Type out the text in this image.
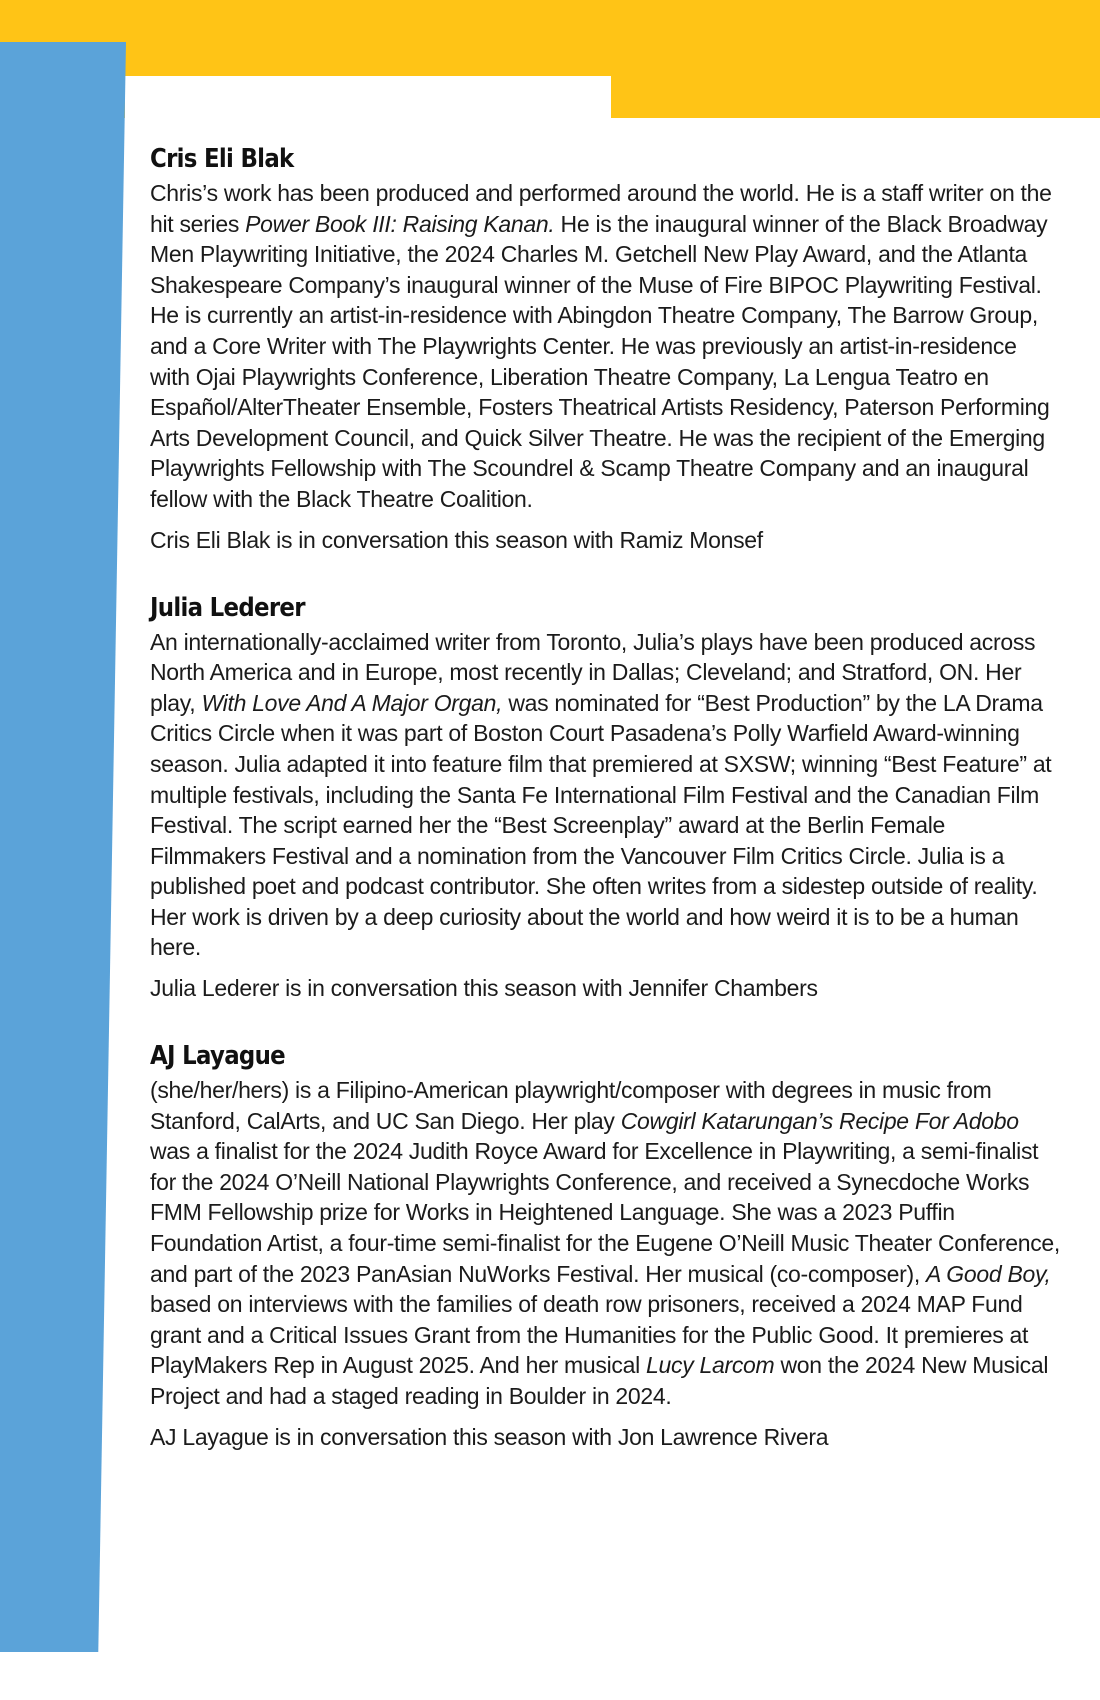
Cris Eli Blak

Chris’s work has been produced and performed around the world. He is a staff writer on the hit series Power Book III: Raising Kanan. He is the inaugural winner of the Black Broadway Men Playwriting Initiative, the 2024 Charles M. Getchell New Play Award, and the Atlanta Shakespeare Company’s inaugural winner of the Muse of Fire BIPOC Playwriting Festival. He is currently an artist-in-residence with Abingdon Theatre Company, The Barrow Group, and a Core Writer with The Playwrights Center. He was previously an artist-in-residence with Ojai Playwrights Conference, Liberation Theatre Company, La Lengua Teatro en Español/AlterTheater Ensemble, Fosters Theatrical Artists Residency, Paterson Performing Arts Development Council, and Quick Silver Theatre. He was the recipient of the Emerging Playwrights Fellowship with The Scoundrel & Scamp Theatre Company and an inaugural fellow with the Black Theatre Coalition.

Cris Eli Blak is in conversation this season with Ramiz Monsef

Julia Lederer

An internationally-acclaimed writer from Toronto, Julia’s plays have been produced across North America and in Europe, most recently in Dallas; Cleveland; and Stratford, ON. Her play, With Love And A Major Organ, was nominated for “Best Production” by the LA Drama Critics Circle when it was part of Boston Court Pasadena’s Polly Warfield Award-winning season. Julia adapted it into feature film that premiered at SXSW; winning “Best Feature” at multiple festivals, including the Santa Fe International Film Festival and the Canadian Film Festival. The script earned her the “Best Screenplay” award at the Berlin Female Filmmakers Festival and a nomination from the Vancouver Film Critics Circle. Julia is a published poet and podcast contributor. She often writes from a sidestep outside of reality. Her work is driven by a deep curiosity about the world and how weird it is to be a human here.

Julia Lederer is in conversation this season with Jennifer Chambers

AJ Layague

(she/her/hers) is a Filipino-American playwright/composer with degrees in music from Stanford, CalArts, and UC San Diego. Her play Cowgirl Katarungan’s Recipe For Adobo was a finalist for the 2024 Judith Royce Award for Excellence in Playwriting, a semi-finalist for the 2024 O’Neill National Playwrights Conference, and received a Synecdoche Works FMM Fellowship prize for Works in Heightened Language. She was a 2023 Puffin Foundation Artist, a four-time semi-finalist for the Eugene O’Neill Music Theater Conference, and part of the 2023 PanAsian NuWorks Festival. Her musical (co-composer), A Good Boy, based on interviews with the families of death row prisoners, received a 2024 MAP Fund grant and a Critical Issues Grant from the Humanities for the Public Good. It premieres at PlayMakers Rep in August 2025. And her musical Lucy Larcom won the 2024 New Musical Project and had a staged reading in Boulder in 2024.

AJ Layague is in conversation this season with Jon Lawrence Rivera
